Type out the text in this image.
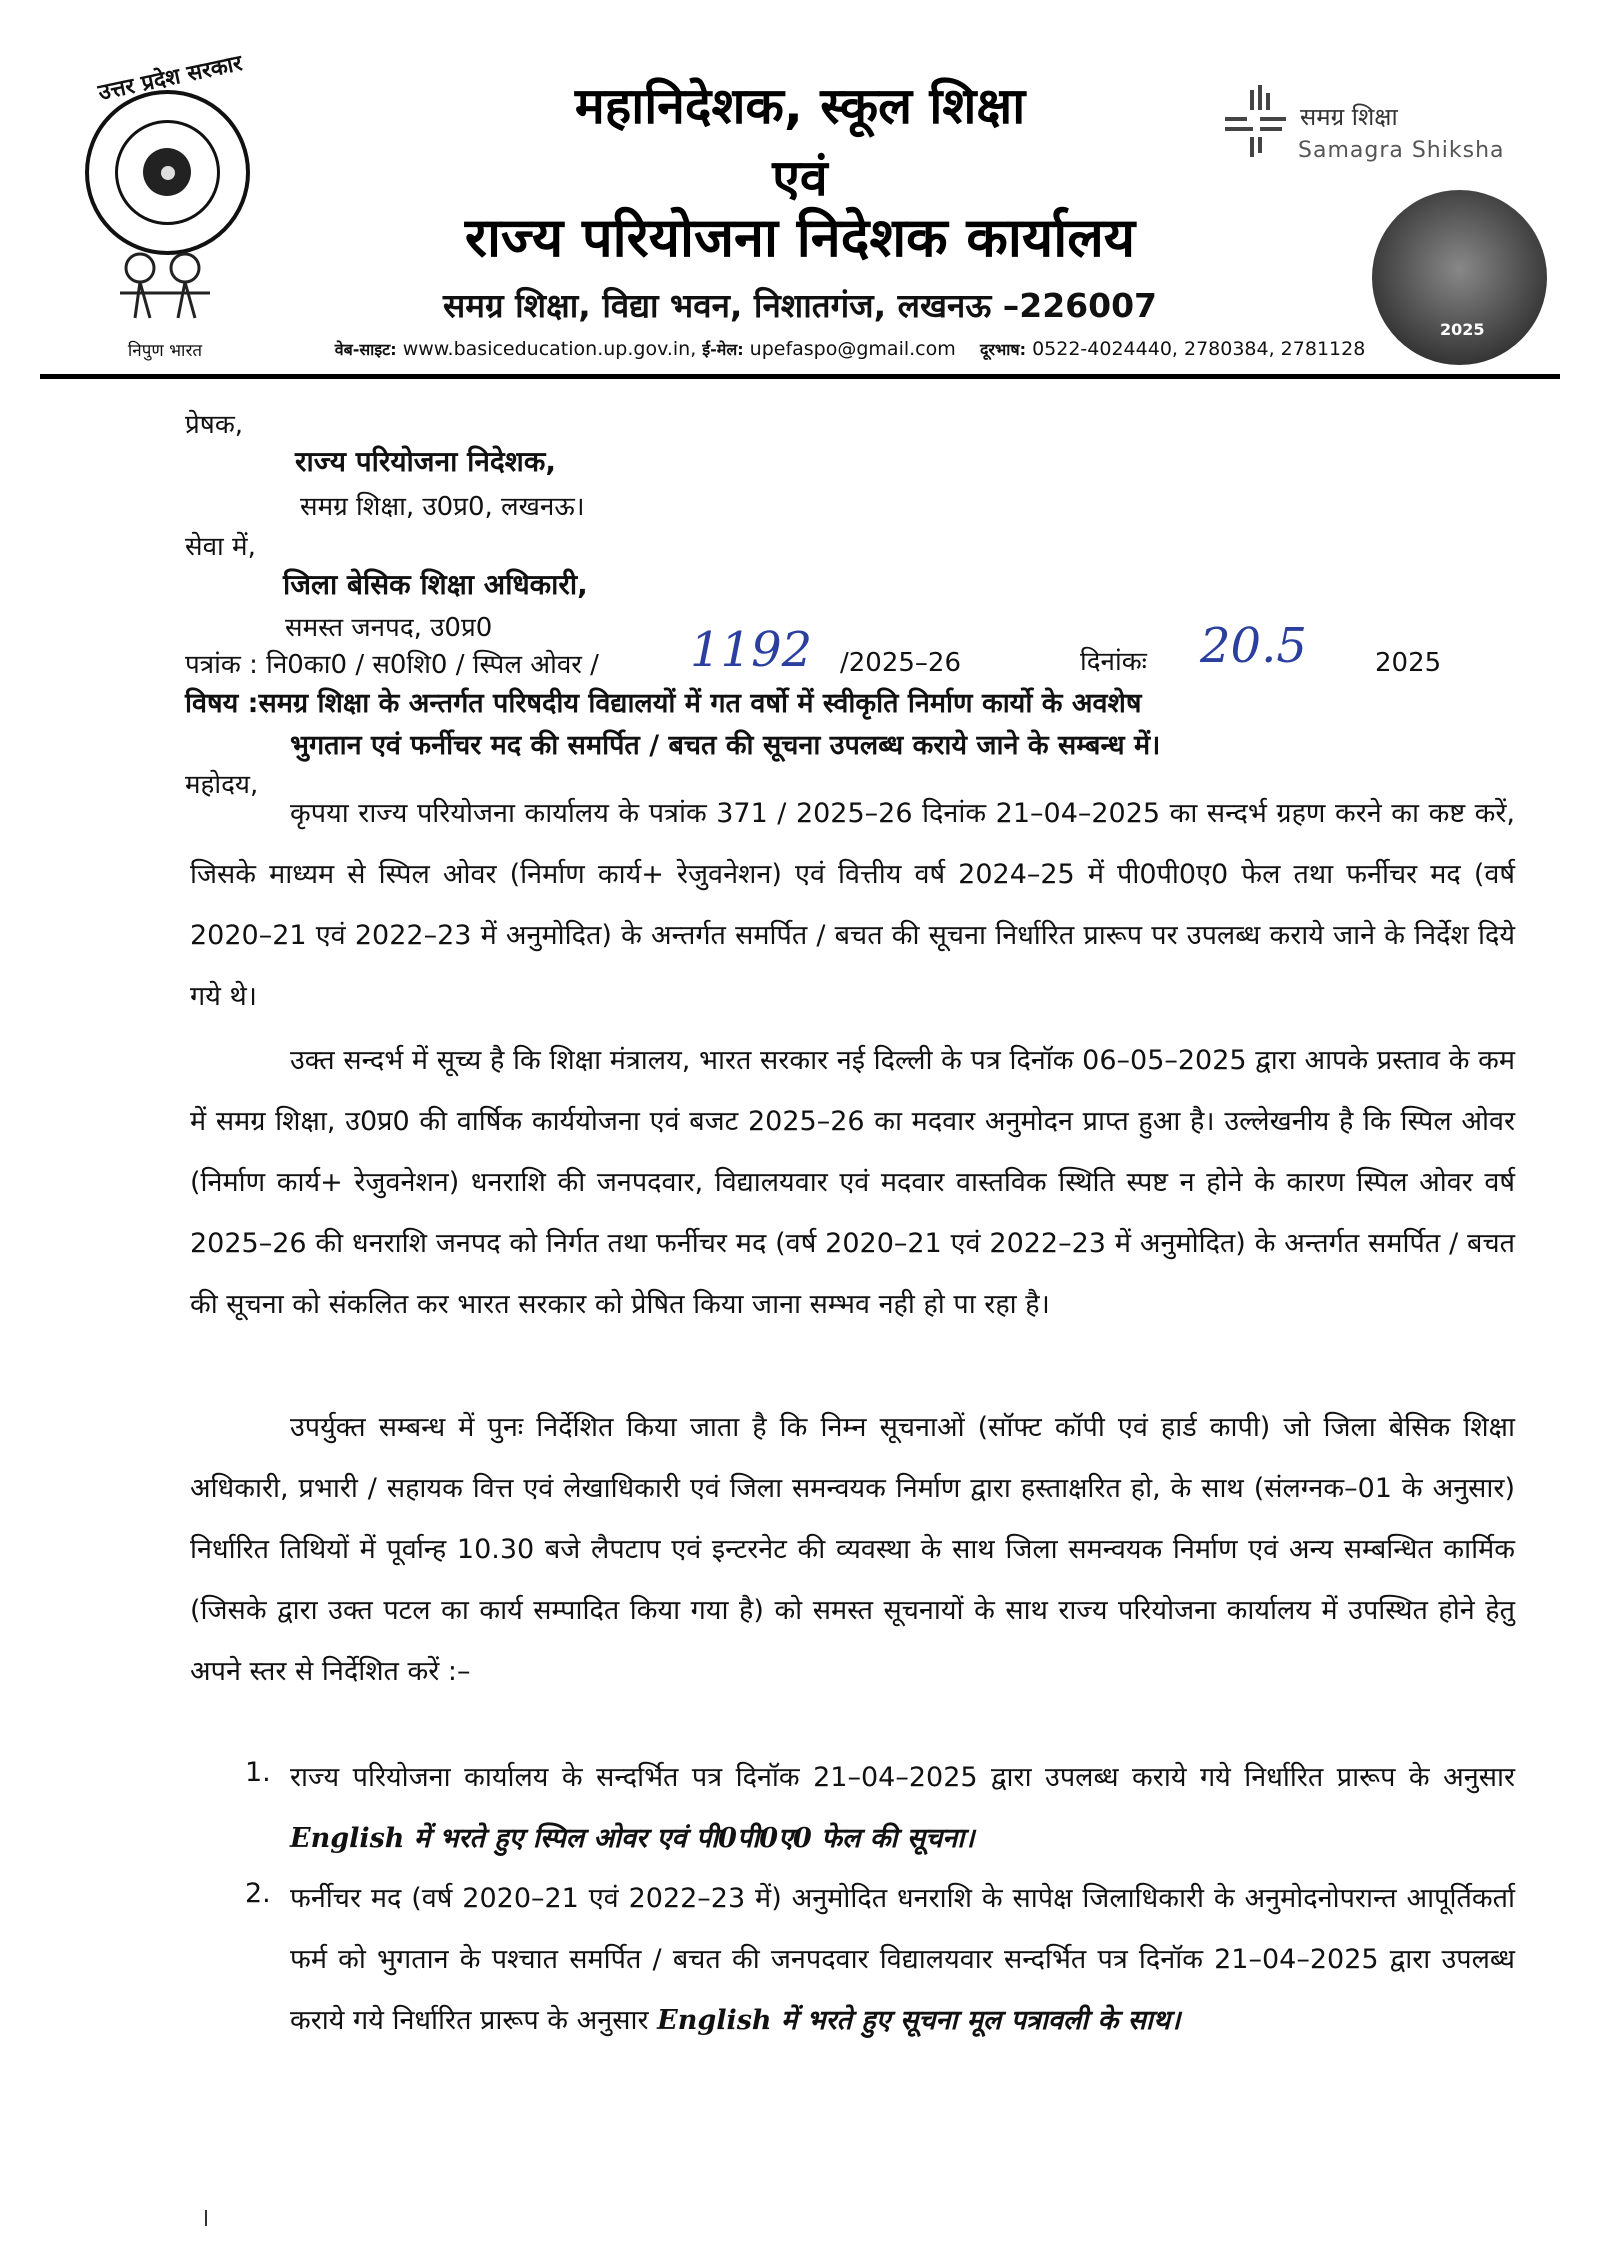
उत्तर प्रदेश सरकार
निपुण भारत
महानिदेशक, स्कूल शिक्षा
एवं
राज्य परियोजना निदेशक कार्यालय
समग्र शिक्षा, विद्या भवन, निशातगंज, लखनऊ –226007
वेब-साइट: www.basiceducation.up.gov.in, ई-मेल: upefaspo@gmail.com दूरभाष: 0522-4024440, 2780384, 2781128
समग्र शिक्षा
Samagra Shiksha
2025
प्रेषक,
राज्य परियोजना निदेशक,
समग्र शिक्षा, उ0प्र0, लखनऊ।
सेवा में,
जिला बेसिक शिक्षा अधिकारी,
समस्त जनपद, उ0प्र0
पत्रांक : नि0का0 / स0शि0 / स्पिल ओवर / 1192 /2025–26	दिनांकः 20.5	2025
विषय :समग्र शिक्षा के अन्तर्गत परिषदीय विद्यालयों में गत वर्षो में स्वीकृति निर्माण कार्यो के अवशेष
भुगतान एवं फर्नीचर मद की समर्पित / बचत की सूचना उपलब्ध कराये जाने के सम्बन्ध में।
महोदय,
कृपया राज्य परियोजना कार्यालय के पत्रांक 371 / 2025–26 दिनांक 21–04–2025 का सन्दर्भ ग्रहण करने का कष्ट करें, जिसके माध्यम से स्पिल ओवर (निर्माण कार्य+ रेजुवनेशन) एवं वित्तीय वर्ष 2024–25 में पी0पी0ए0 फेल तथा फर्नीचर मद (वर्ष 2020–21 एवं 2022–23 में अनुमोदित) के अन्तर्गत समर्पित / बचत की सूचना निर्धारित प्रारूप पर उपलब्ध कराये जाने के निर्देश दिये गये थे।
उक्त सन्दर्भ में सूच्य है कि शिक्षा मंत्रालय, भारत सरकार नई दिल्ली के पत्र दिनॉक 06–05–2025 द्वारा आपके प्रस्ताव के कम में समग्र शिक्षा, उ0प्र0 की वार्षिक कार्ययोजना एवं बजट 2025–26 का मदवार अनुमोदन प्राप्त हुआ है। उल्लेखनीय है कि स्पिल ओवर (निर्माण कार्य+ रेजुवनेशन) धनराशि की जनपदवार, विद्यालयवार एवं मदवार वास्तविक स्थिति स्पष्ट न होने के कारण स्पिल ओवर वर्ष 2025–26 की धनराशि जनपद को निर्गत तथा फर्नीचर मद (वर्ष 2020–21 एवं 2022–23 में अनुमोदित) के अन्तर्गत समर्पित / बचत की सूचना को संकलित कर भारत सरकार को प्रेषित किया जाना सम्भव नही हो पा रहा है।
उपर्युक्त सम्बन्ध में पुनः निर्देशित किया जाता है कि निम्न सूचनाओं (सॉफ्ट कॉपी एवं हार्ड कापी) जो जिला बेसिक शिक्षा अधिकारी, प्रभारी / सहायक वित्त एवं लेखाधिकारी एवं जिला समन्वयक निर्माण द्वारा हस्ताक्षरित हो, के साथ (संलग्नक–01 के अनुसार) निर्धारित तिथियों में पूर्वान्ह 10.30 बजे लैपटाप एवं इन्टरनेट की व्यवस्था के साथ जिला समन्वयक निर्माण एवं अन्य सम्बन्धित कार्मिक (जिसके द्वारा उक्त पटल का कार्य सम्पादित किया गया है) को समस्त सूचनायों के साथ राज्य परियोजना कार्यालय में उपस्थित होने हेतु अपने स्तर से निर्देशित करें :–
1. राज्य परियोजना कार्यालय के सन्दर्भित पत्र दिनॉक 21–04–2025 द्वारा उपलब्ध कराये गये निर्धारित प्रारूप के अनुसार English में भरते हुए स्पिल ओवर एवं पी0पी0ए0 फेल की सूचना।
2. फर्नीचर मद (वर्ष 2020–21 एवं 2022–23 में) अनुमोदित धनराशि के सापेक्ष जिलाधिकारी के अनुमोदनोपरान्त आपूर्तिकर्ता फर्म को भुगतान के पश्चात समर्पित / बचत की जनपदवार विद्यालयवार सन्दर्भित पत्र दिनॉक 21–04–2025 द्वारा उपलब्ध कराये गये निर्धारित प्रारूप के अनुसार English में भरते हुए सूचना मूल पत्रावली के साथ।
